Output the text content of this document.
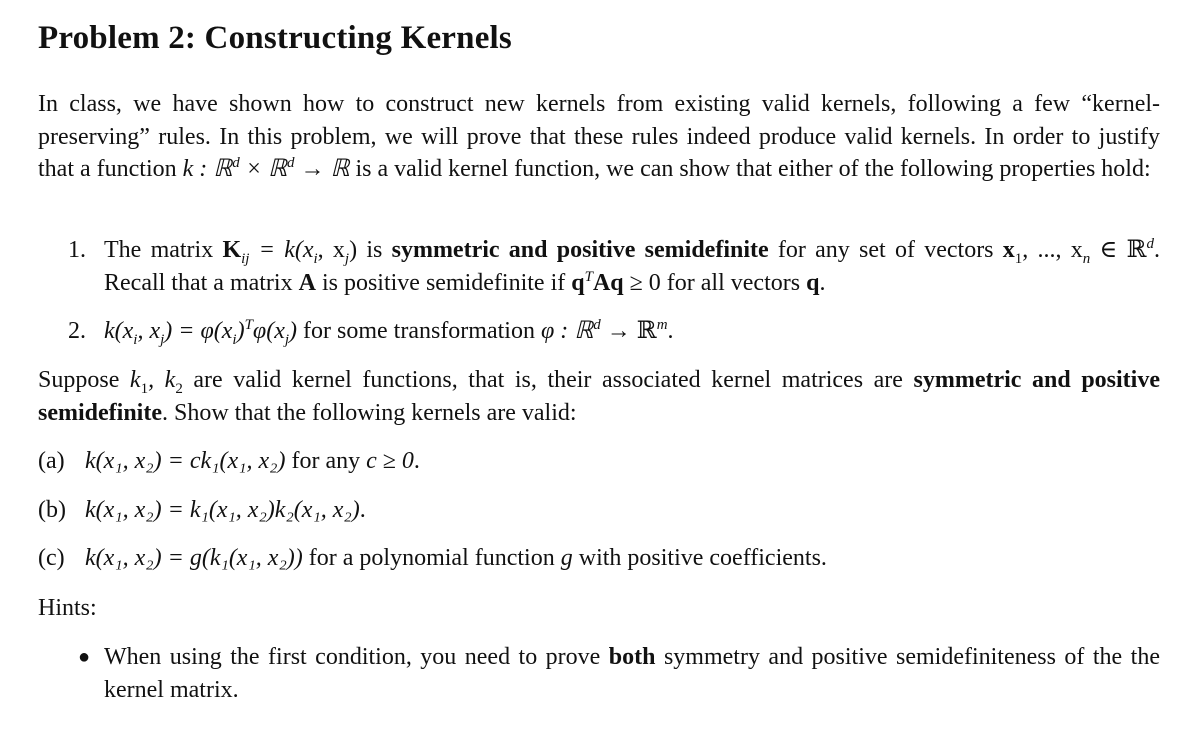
Problem 2: Constructing Kernels

In class, we have shown how to construct new kernels from existing valid kernels, following a few “kernel-preserving” rules. In this problem, we will prove that these rules indeed produce valid kernels. In order to justify that a function k : ℝ$^d$ × ℝ$^d$ → ℝ is a valid kernel function, we can show that either of the following properties hold:

1. The matrix $K_{ij} = k(x_i$, $x_j$) is symmetric and positive semidefinite for any set of vectors $x_1$, ..., $x_n$ ∈ ℝ$^d$. Recall that a matrix A is positive semidefinite if $q^TAq \ge 0$ for all vectors q.
2. $k(x_i$, $x_j) = \varphi(x_i)^T\varphi(x_j)$ for some transformation φ : ℝ$^d$ → ℝ$^m$.

Suppose $k_1$, $k_2$ are valid kernel functions, that is, their associated kernel matrices are symmetric and positive semidefinite. Show that the following kernels are valid:

(a) k(x₁, x₂) = ck₁(x₁, x₂) for any c ≥ 0.
(b) k(x₁, x₂) = k₁(x₁, x₂)k₂(x₁, x₂).
(c) k(x₁, x₂) = g(k₁(x₁, x₂)) for a polynomial function g with positive coefficients.
Hints:
● When using the first condition, you need to prove both symmetry and positive semidefiniteness of the the kernel matrix.
